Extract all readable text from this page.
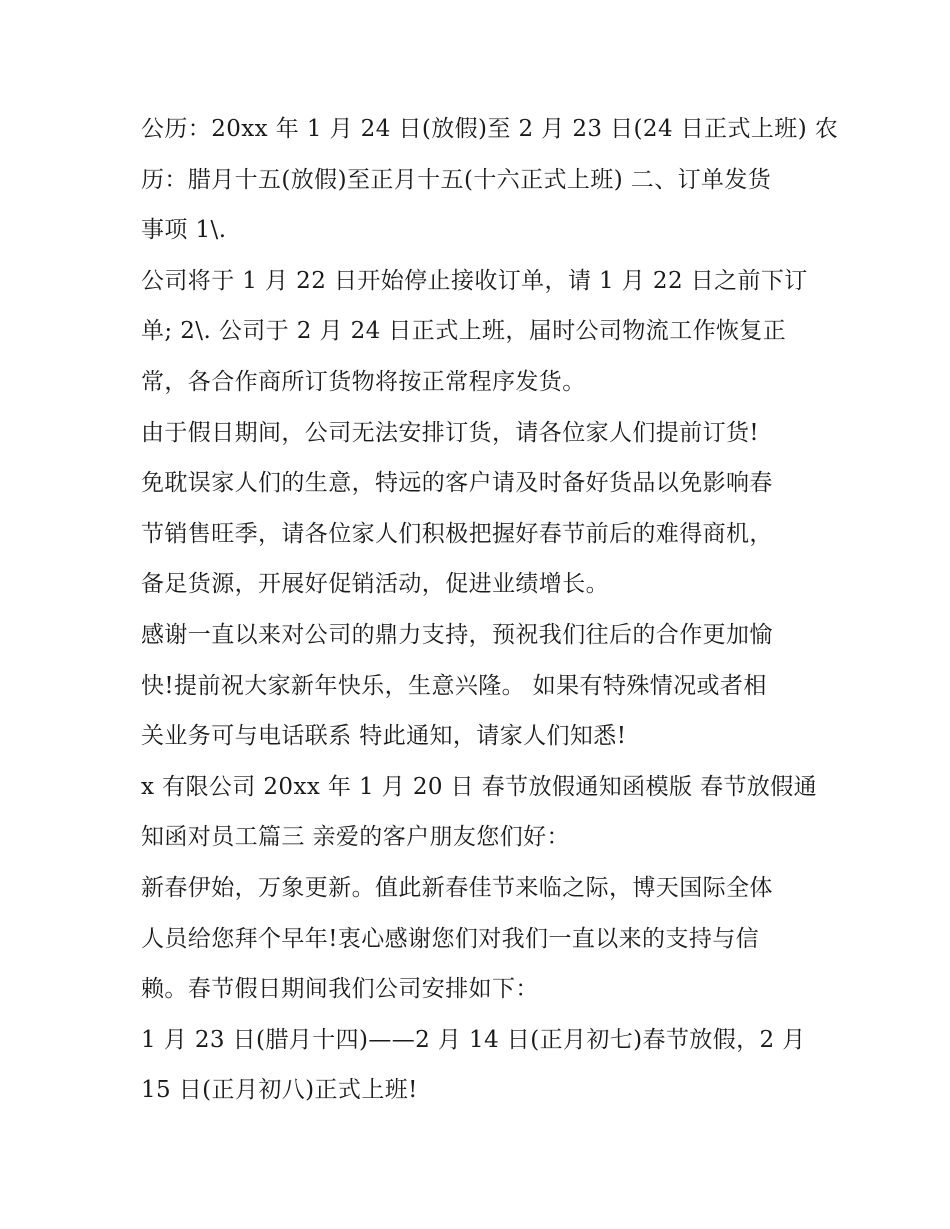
公历：20xx 年 1 月 24 日(放假)至 2 月 23 日(24 日正式上班) 农
历：腊月十五(放假)至正月十五(十六正式上班) 二、订单发货
事项 1\.
公司将于 1 月 22 日开始停止接收订单，请 1 月 22 日之前下订
单; 2\. 公司于 2 月 24 日正式上班，届时公司物流工作恢复正
常，各合作商所订货物将按正常程序发货。
由于假日期间，公司无法安排订货，请各位家人们提前订货!
免耽误家人们的生意，特远的客户请及时备好货品以免影响春
节销售旺季，请各位家人们积极把握好春节前后的难得商机，
备足货源，开展好促销活动，促进业绩增长。
感谢一直以来对公司的鼎力支持，预祝我们往后的合作更加愉
快!提前祝大家新年快乐，生意兴隆。 如果有特殊情况或者相
关业务可与电话联系 特此通知，请家人们知悉!
x 有限公司 20xx 年 1 月 20 日 春节放假通知函模版 春节放假通
知函对员工篇三 亲爱的客户朋友您们好：
新春伊始，万象更新。值此新春佳节来临之际，博天国际全体
人员给您拜个早年!衷心感谢您们对我们一直以来的支持与信
赖。春节假日期间我们公司安排如下：
1 月 23 日(腊月十四)——2 月 14 日(正月初七)春节放假，2 月
15 日(正月初八)正式上班!
